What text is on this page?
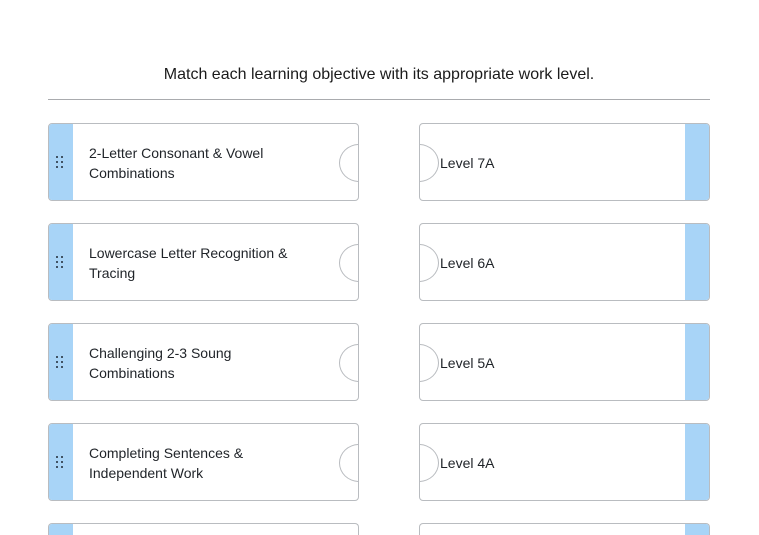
Match each learning objective with its appropriate work level.
2-Letter Consonant & Vowel Combinations
Level 7A
Lowercase Letter Recognition & Tracing
Level 6A
Challenging 2-3 Soung Combinations
Level 5A
Completing Sentences & Independent Work
Level 4A
